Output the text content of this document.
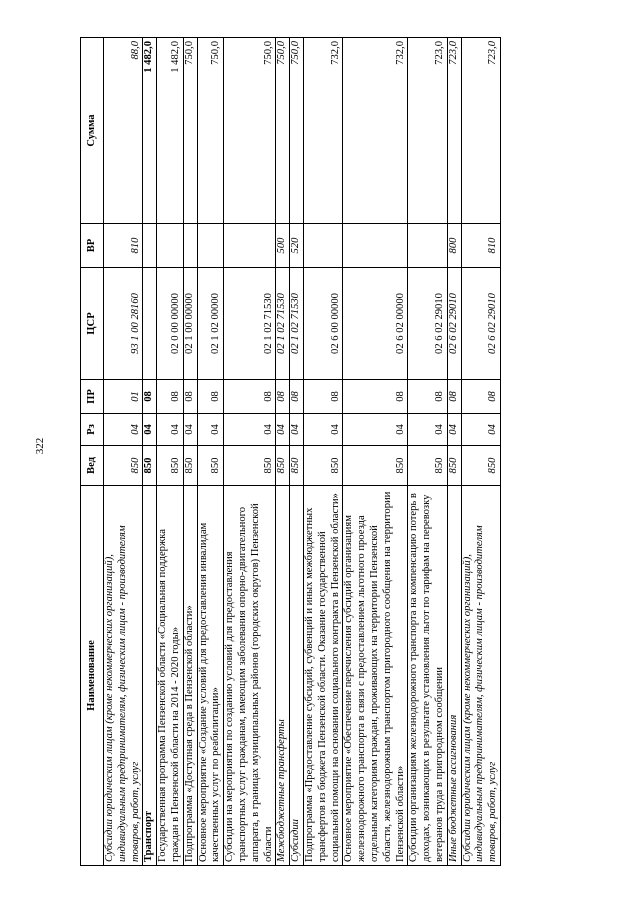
322
Наименование	Вед	Рз	ПР	ЦСР	ВР	Сумма
Субсидии юридическим лицам (кроме некоммерческих организаций), индивидуальным предпринимателям, физическим лицам - производителям товаров, работ, услуг	850	04	01	93 1 00 28160	810	88,0
Транспорт	850	04	08			1 482,0
Государственная программа Пензенской области «Социальная поддержка граждан в Пензенской области на 2014 - 2020 годы»	850	04	08	02 0 00 00000		1 482,0
Подпрограмма «Доступная среда в Пензенской области»	850	04	08	02 1 00 00000		750,0
Основное мероприятие «Создание условий для предоставления инвалидам качественных услуг по реабилитации»	850	04	08	02 1 02 00000		750,0
Субсидии на мероприятия по созданию условий для предоставления транспортных услуг гражданам, имеющим заболевания опорно-двигательного аппарата, в границах муниципальных районов (городских округов) Пензенской области	850	04	08	02 1 02 71530		750,0
Межбюджетные трансферты	850	04	08	02 1 02 71530	500	750,0
Субсидии	850	04	08	02 1 02 71530	520	750,0
Подпрограмма «Предоставление субсидий, субвенций и иных межбюджетных трансфертов из бюджета Пензенской области. Оказание государственной социальной помощи на основании социального контракта в Пензенской области»	850	04	08	02 6 00 00000		732,0
Основное мероприятие «Обеспечение перечисления субсидий организациям железнодорожного транспорта в связи с предоставлением льготного проезда отдельным категориям граждан, проживающих на территории Пензенской области, железнодорожным транспортом пригородного сообщения на территории Пензенской области»	850	04	08	02 6 02 00000		732,0
Субсидии организациям железнодорожного транспорта на компенсацию потерь в доходах, возникающих в результате установления льгот по тарифам на перевозку ветеранов труда в пригородном сообщении	850	04	08	02 6 02 29010		723,0
Иные бюджетные ассигнования	850	04	08	02 6 02 29010	800	723,0
Субсидии юридическим лицам (кроме некоммерческих организаций), индивидуальным предпринимателям, физическим лицам - производителям товаров, работ, услуг	850	04	08	02 6 02 29010	810	723,0
